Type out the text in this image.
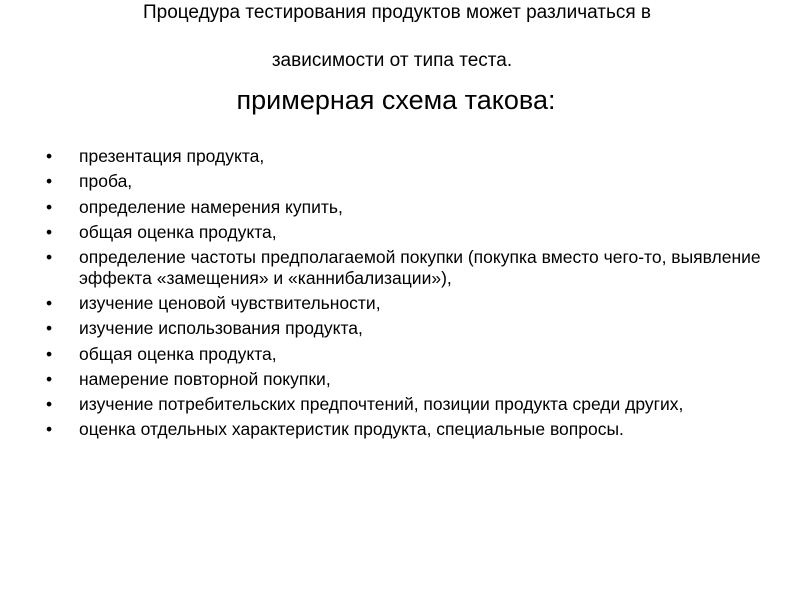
Процедура тестирования продуктов может различаться в
зависимости от типа теста.
примерная схема такова:
•	презентация продукта,
•	проба,
•	определение намерения купить,
•	общая оценка продукта,
•	определение частоты предполагаемой покупки (покупка вместо чего-то, выявление эффекта «замещения» и «каннибализации»),
•	изучение ценовой чувствительности,
•	изучение использования продукта,
•	общая оценка продукта,
•	намерение повторной покупки,
•	изучение потребительских предпочтений, позиции продукта среди других,
•	оценка отдельных характеристик продукта, специальные вопросы.
